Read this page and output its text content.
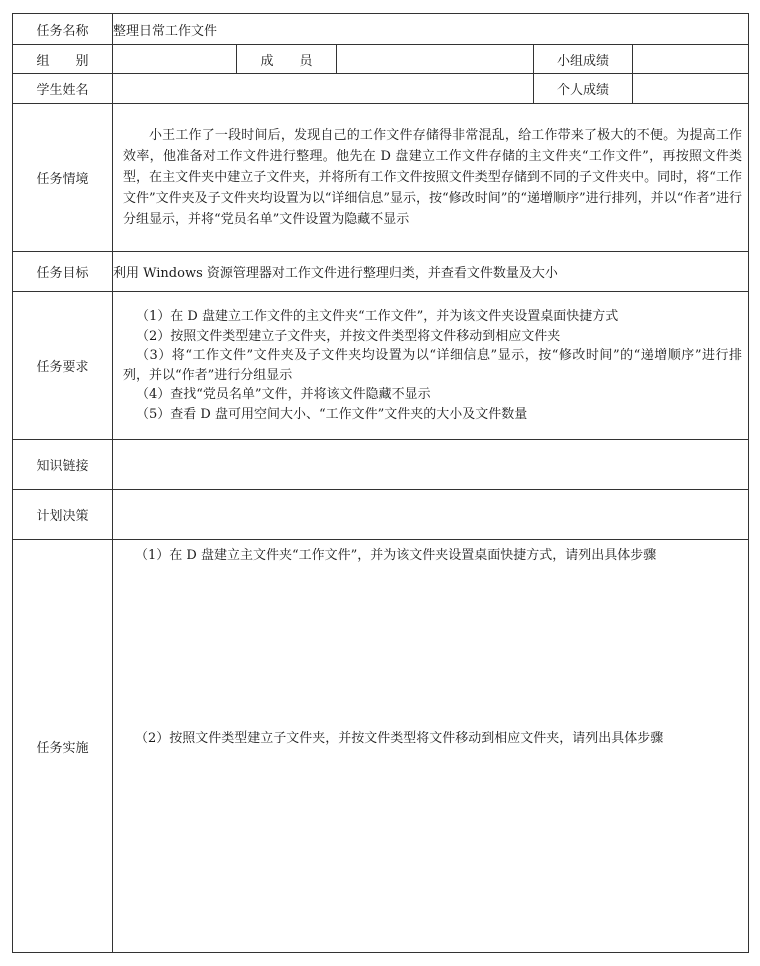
任务名称	整理日常工作文件				
组　　别		成　　员		小组成绩	
学生姓名				个人成绩	
任务情境	小王工作了一段时间后，发现自己的工作文件存储得非常混乱，给工作带来了极大的不便。为提高工作效率，他准备对工作文件进行整理。他先在 D 盘建立工作文件存储的主文件夹“工作文件”，再按照文件类型，在主文件夹中建立子文件夹，并将所有工作文件按照文件类型存储到不同的子文件夹中。同时，将“工作文件”文件夹及子文件夹均设置为以“详细信息”显示，按“修改时间”的“递增顺序”进行排列，并以“作者”进行分组显示，并将“党员名单”文件设置为隐藏不显示				

任务目标	利用 Windows 资源管理器对工作文件进行整理归类，并查看文件数量及大小				
任务要求	（1）在 D 盘建立工作文件的主文件夹“工作文件”，并为该文件夹设置桌面快捷方式
（2）按照文件类型建立子文件夹，并按文件类型将文件移动到相应文件夹
（3）将“工作文件”文件夹及子文件夹均设置为以“详细信息”显示，按“修改时间”的“递增顺序”进行排列，并以“作者”进行分组显示
（4）查找“党员名单”文件，并将该文件隐藏不显示
（5）查看 D 盘可用空间大小、“工作文件”文件夹的大小及文件数量				

知识链接					
计划决策					
任务实施	（1）在 D 盘建立主文件夹“工作文件”，并为该文件夹设置桌面快捷方式，请列出具体步骤
（2）按照文件类型建立子文件夹，并按文件类型将文件移动到相应文件夹，请列出具体步骤				
